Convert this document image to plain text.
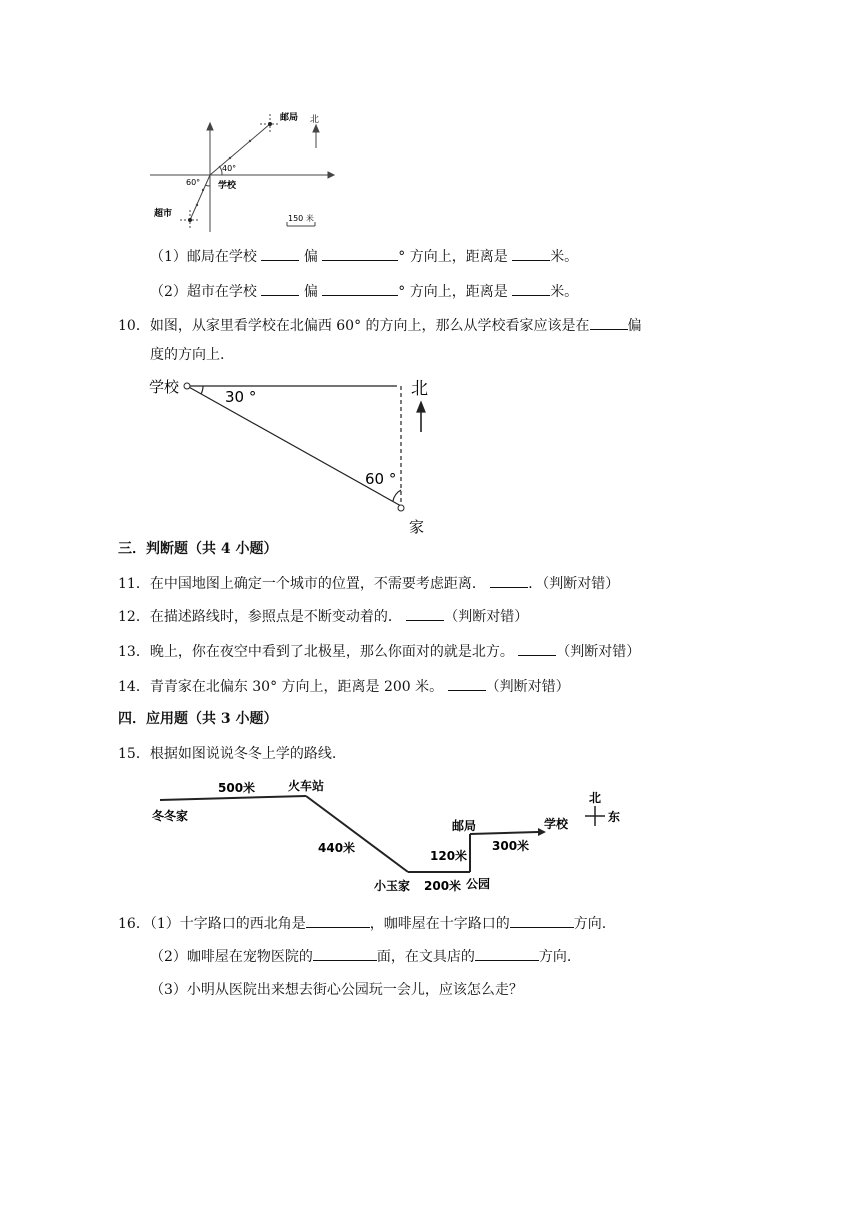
邮局 北
40°
60° 学校
超市	150 米
（1）邮局在学校	偏	° 方向上，距离是	米。
（2）超市在学校	偏	° 方向上，距离是	米。
10．如图，从家里看学校在北偏西 60° 的方向上，那么从学校看家应该是在	偏
度的方向上.
学校
30 °	北
60 °
家
三．判断题（共 4 小题）
11．在中国地图上确定一个城市的位置，不需要考虑距离．	．（判断对错）
12．在描述路线时，参照点是不断变动着的．	（判断对错）
13．晚上，你在夜空中看到了北极星，那么你面对的就是北方。	（判断对错）
14．青青家在北偏东 30° 方向上，距离是 200 米。	（判断对错）
四．应用题（共 3 小题）
15．根据如图说说冬冬上学的路线.
500米	火车站
冬冬家
440米
小玉家 200米 公园
120米
邮局
300米
学校
北
东
16．（1）十字路口的西北角是	，咖啡屋在十字路口的	方向.
（2）咖啡屋在宠物医院的	面，在文具店的	方向.
（3）小明从医院出来想去街心公园玩一会儿，应该怎么走？
